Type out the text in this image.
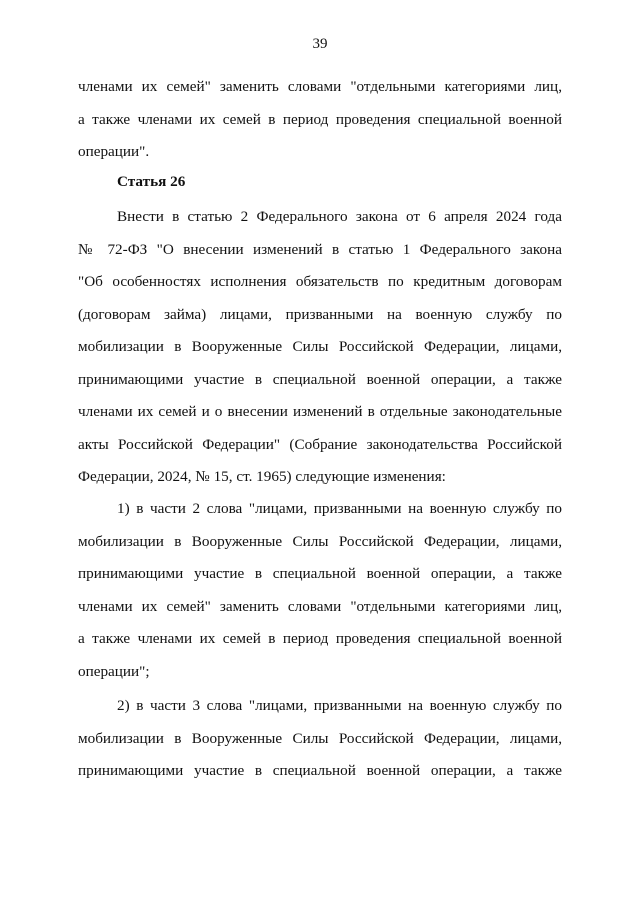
39
членами их семей" заменить словами "отдельными категориями лиц,
а также членами их семей в период проведения специальной военной
операции".
Статья 26
Внести в статью 2 Федерального закона от 6 апреля 2024 года
№ 72-ФЗ "О внесении изменений в статью 1 Федерального закона
"Об особенностях исполнения обязательств по кредитным договорам
(договорам займа) лицами, призванными на военную службу по
мобилизации в Вооруженные Силы Российской Федерации, лицами,
принимающими участие в специальной военной операции, а также
членами их семей и о внесении изменений в отдельные законодательные
акты Российской Федерации" (Собрание законодательства Российской
Федерации, 2024, № 15, ст. 1965) следующие изменения:
1) в части 2 слова "лицами, призванными на военную службу по
мобилизации в Вооруженные Силы Российской Федерации, лицами,
принимающими участие в специальной военной операции, а также
членами их семей" заменить словами "отдельными категориями лиц,
а также членами их семей в период проведения специальной военной
операции";
2) в части 3 слова "лицами, призванными на военную службу по
мобилизации в Вооруженные Силы Российской Федерации, лицами,
принимающими участие в специальной военной операции, а также
